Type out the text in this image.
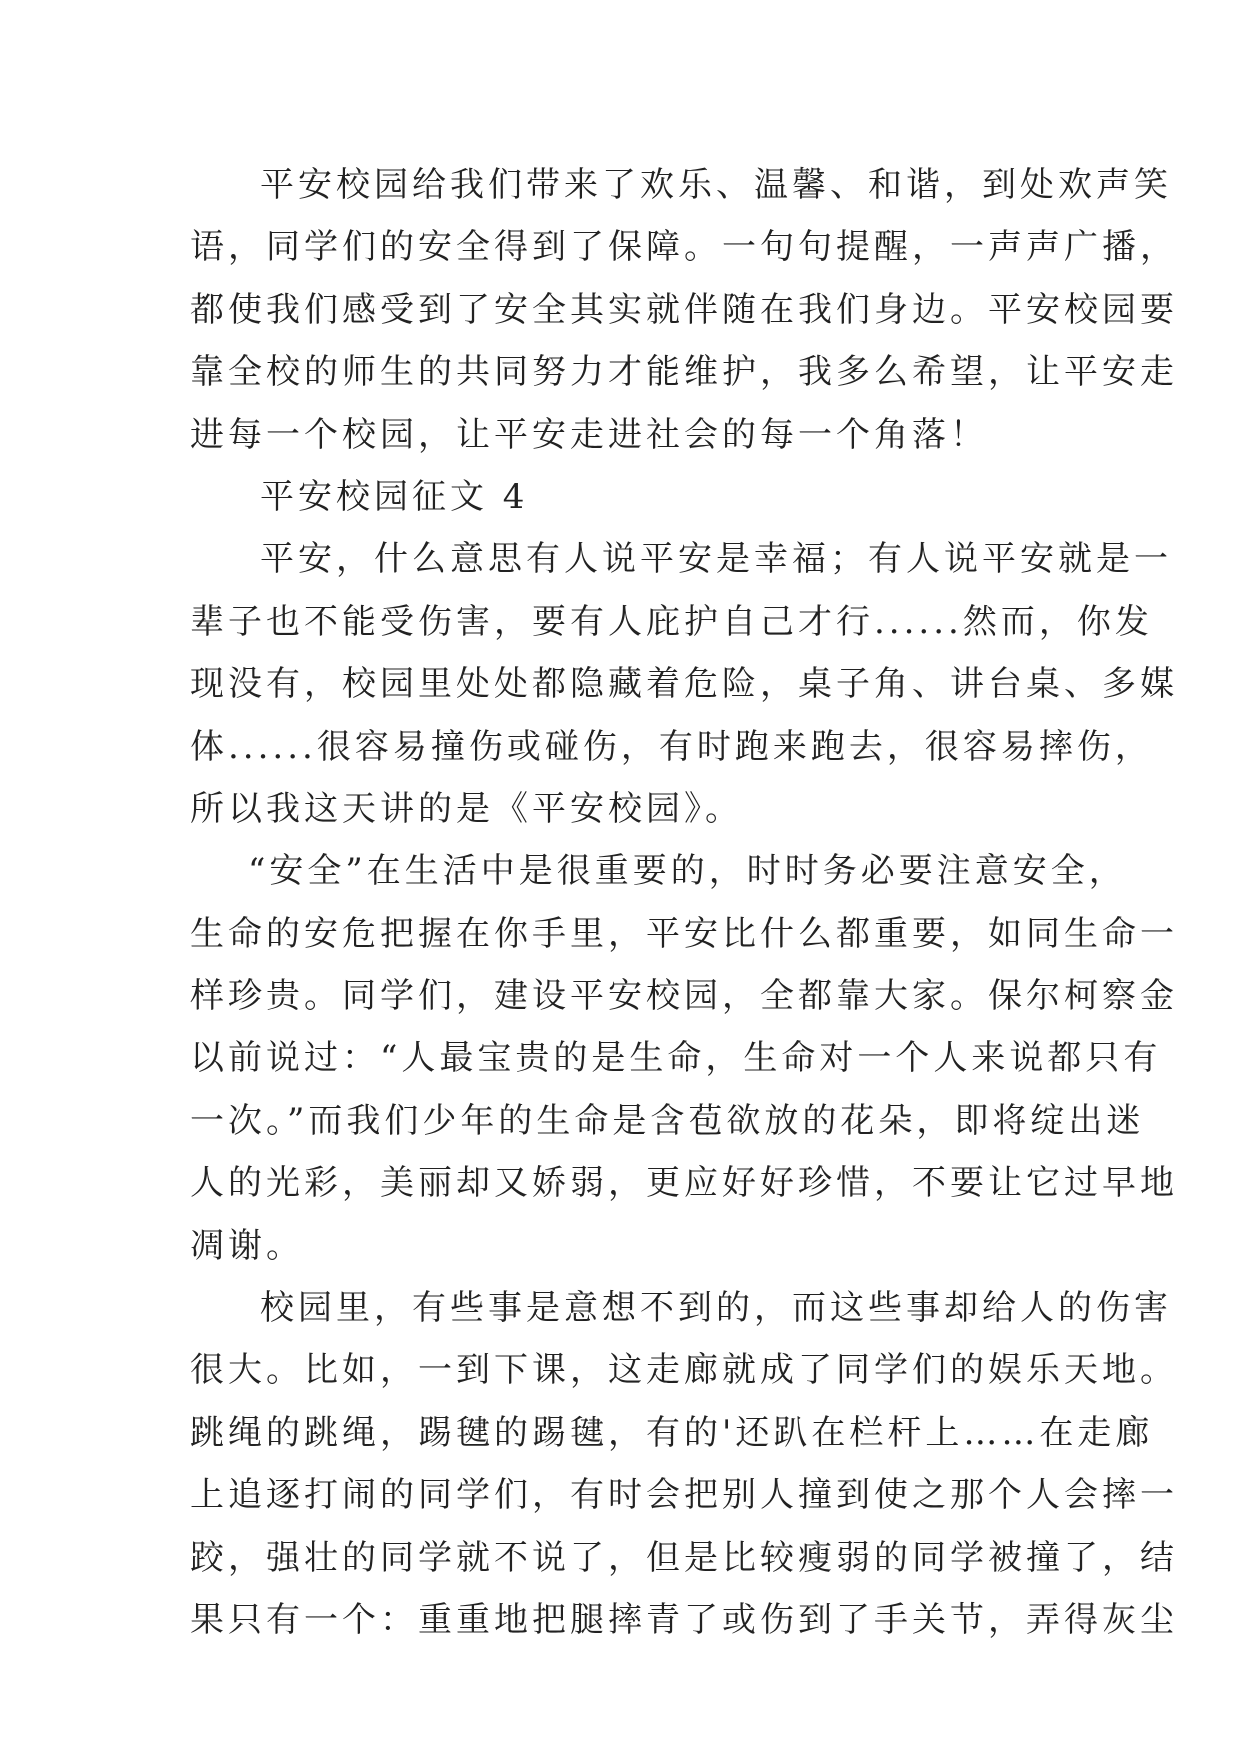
平安校园给我们带来了欢乐、温馨、和谐，到处欢声笑
语，同学们的安全得到了保障。一句句提醒，一声声广播，
都使我们感受到了安全其实就伴随在我们身边。平安校园要
靠全校的师生的共同努力才能维护，我多么希望，让平安走
进每一个校园，让平安走进社会的每一个角落！
平安校园征文 4
平安，什么意思有人说平安是幸福；有人说平安就是一
辈子也不能受伤害，要有人庇护自己才行......然而，你发
现没有，校园里处处都隐藏着危险，桌子角、讲台桌、多媒
体......很容易撞伤或碰伤，有时跑来跑去，很容易摔伤，
所以我这天讲的是《平安校园》。
“安全”在生活中是很重要的，时时务必要注意安全，
生命的安危把握在你手里，平安比什么都重要，如同生命一
样珍贵。同学们，建设平安校园，全都靠大家。保尔柯察金
以前说过：“人最宝贵的是生命，生命对一个人来说都只有
一次。”而我们少年的生命是含苞欲放的花朵，即将绽出迷
人的光彩，美丽却又娇弱，更应好好珍惜，不要让它过早地
凋谢。
校园里，有些事是意想不到的，而这些事却给人的伤害
很大。比如，一到下课，这走廊就成了同学们的娱乐天地。
跳绳的跳绳，踢毽的踢毽，有的'还趴在栏杆上……在走廊
上追逐打闹的同学们，有时会把别人撞到使之那个人会摔一
跤，强壮的同学就不说了，但是比较瘦弱的同学被撞了，结
果只有一个：重重地把腿摔青了或伤到了手关节，弄得灰尘
